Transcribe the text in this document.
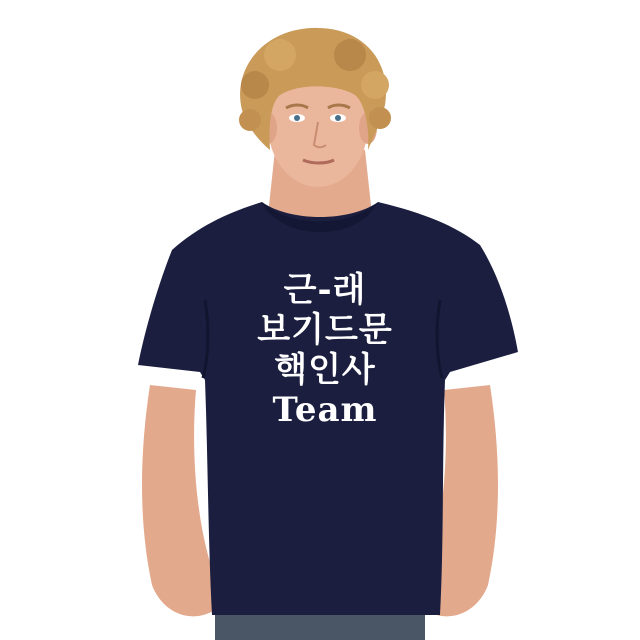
근-래
보기드문
핵인사
Team
